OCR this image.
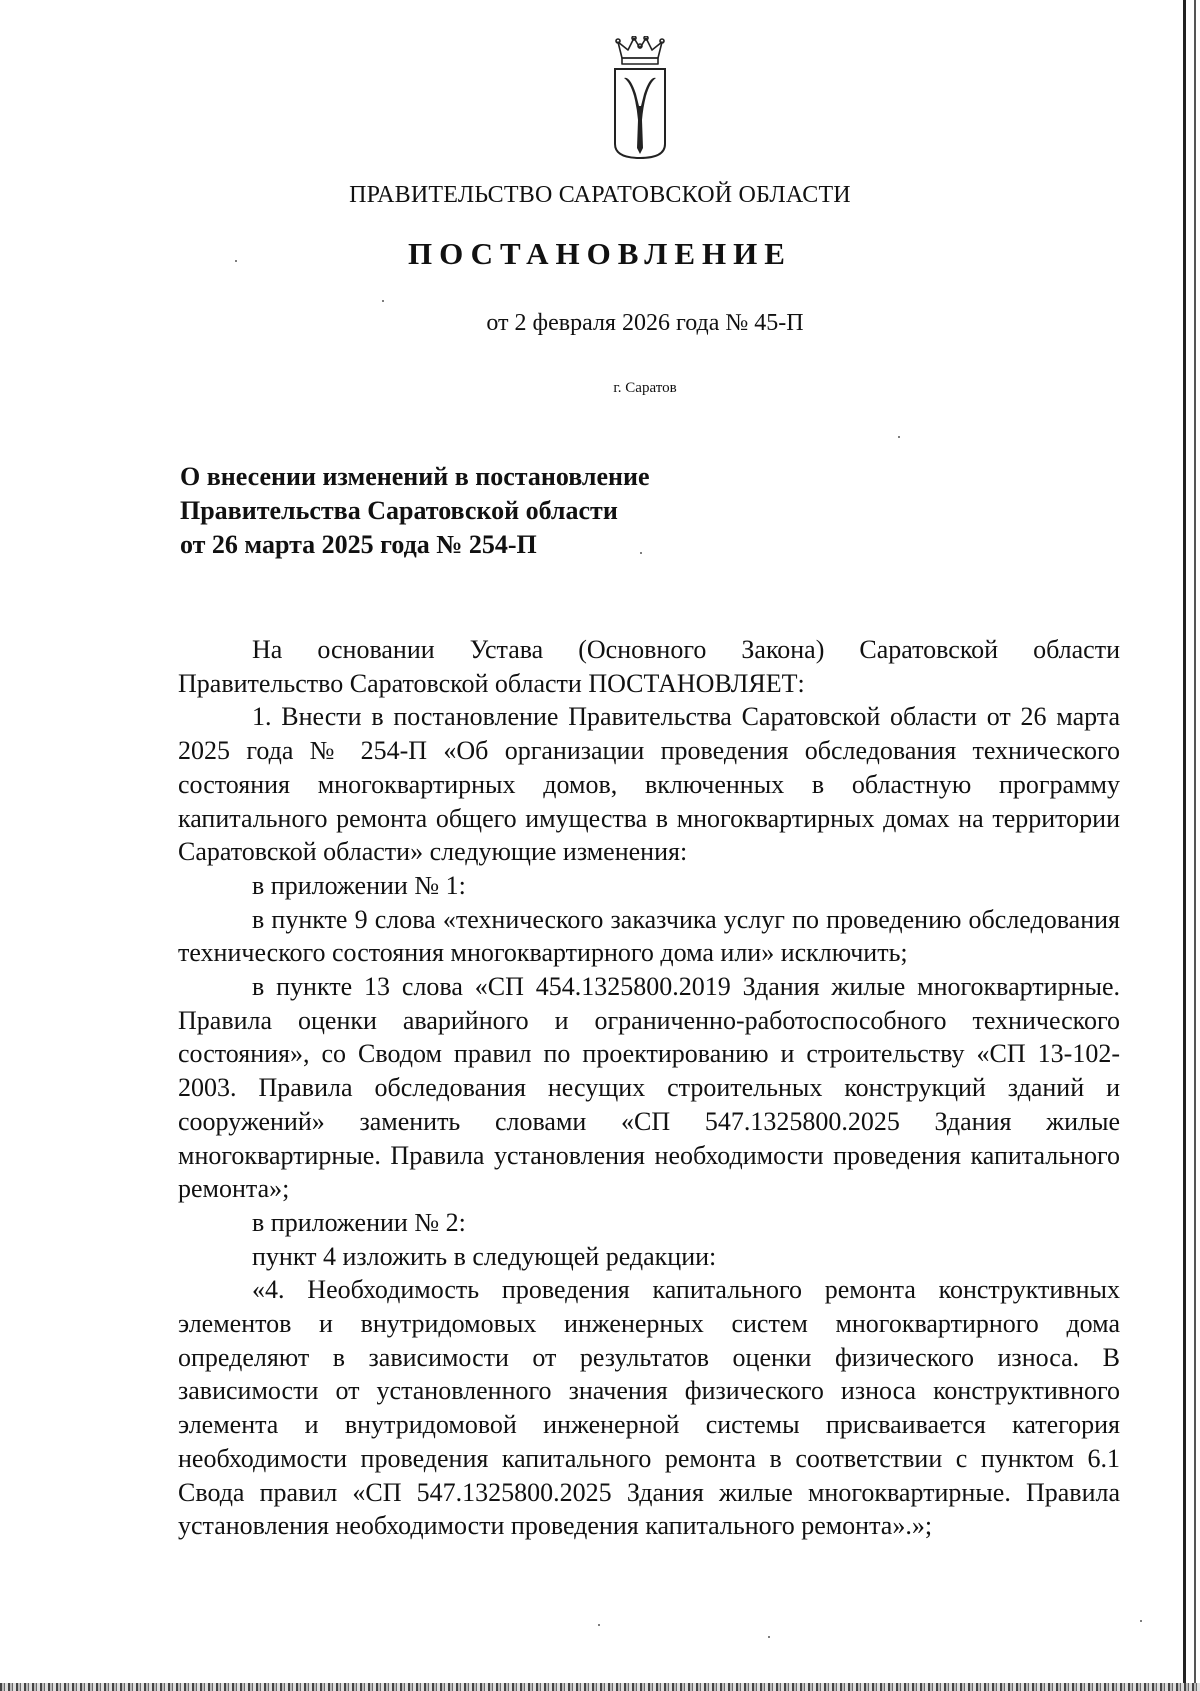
ПРАВИТЕЛЬСТВО САРАТОВСКОЙ ОБЛАСТИ
ПОСТАНОВЛЕНИЕ
от 2 февраля 2026 года № 45-П
г. Саратов
О внесении изменений в постановление
Правительства Саратовской области
от 26 марта 2025 года № 254-П

На основании Устава (Основного Закона) Саратовской области Правительство Саратовской области ПОСТАНОВЛЯЕТ:

1. Внести в постановление Правительства Саратовской области от 26 марта 2025 года № 254-П «Об организации проведения обследования технического состояния многоквартирных домов, включенных в областную программу капитального ремонта общего имущества в многоквартирных домах на территории Саратовской области» следующие изменения:

в приложении № 1:

в пункте 9 слова «технического заказчика услуг по проведению обследования технического состояния многоквартирного дома или» исключить;

в пункте 13 слова «СП 454.1325800.2019 Здания жилые многоквартирные. Правила оценки аварийного и ограниченно-работоспособного технического состояния», со Сводом правил по проектированию и строительству «СП 13-102-2003. Правила обследования несущих строительных конструкций зданий и сооружений» заменить словами «СП 547.1325800.2025 Здания жилые многоквартирные. Правила установления необходимости проведения капитального ремонта»;

в приложении № 2:

пункт 4 изложить в следующей редакции:

«4. Необходимость проведения капитального ремонта конструктивных элементов и внутридомовых инженерных систем многоквартирного дома определяют в зависимости от результатов оценки физического износа. В зависимости от установленного значения физического износа конструктивного элемента и внутридомовой инженерной системы присваивается категория необходимости проведения капитального ремонта в соответствии с пунктом 6.1 Свода правил «СП 547.1325800.2025 Здания жилые многоквартирные. Правила установления необходимости проведения капитального ремонта».»;
